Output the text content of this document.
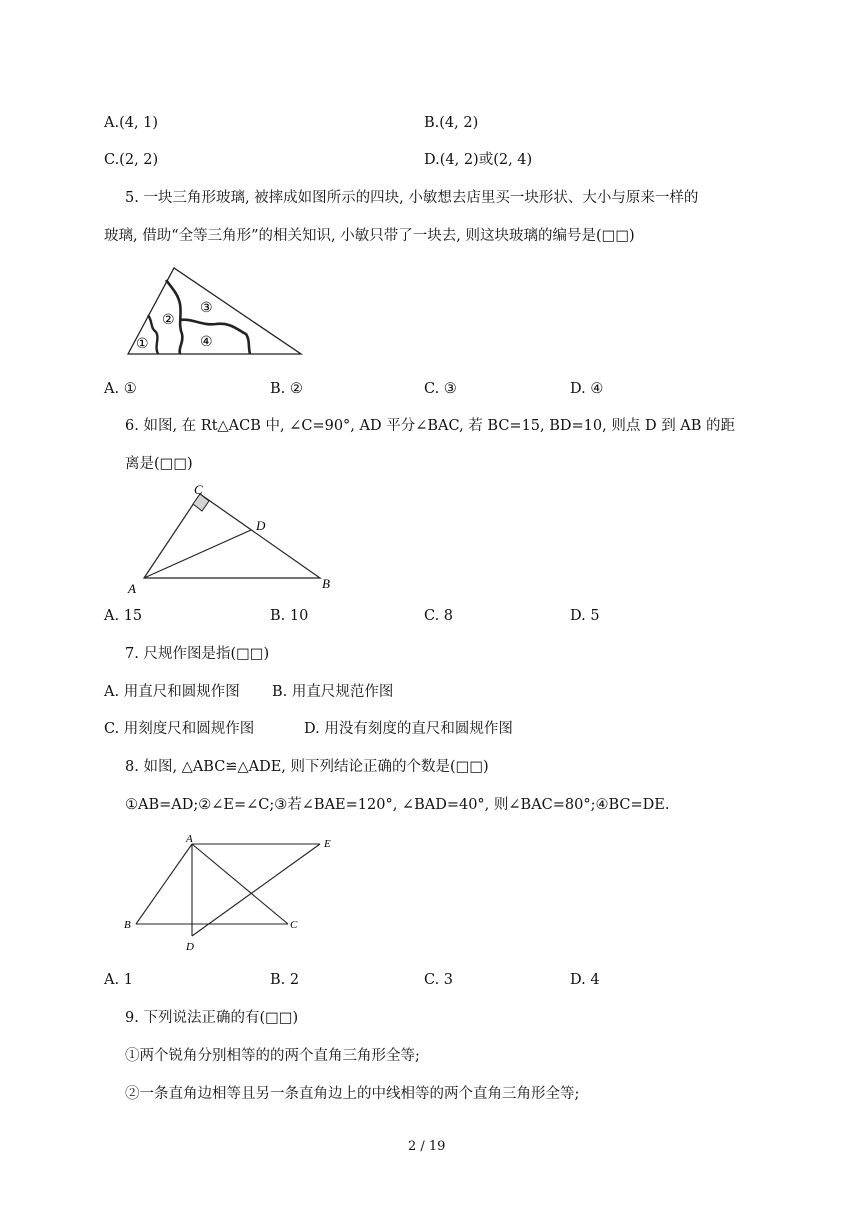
A.(4, 1)	B.(4, 2)
C.(2, 2)	D.(4, 2)或(2, 4)
5. 一块三角形玻璃, 被摔成如图所示的四块, 小敏想去店里买一块形状、大小与原来一样的
玻璃, 借助“全等三角形”的相关知识, 小敏只带了一块去, 则这块玻璃的编号是(□□)
①
②
③
④
A. ①	B. ②	C. ③	D. ④
6. 如图, 在 Rt△ACB 中, ∠C=90°, AD 平分∠BAC, 若 BC=15, BD=10, 则点 D 到 AB 的距
离是(□□)
C
D
A	B
A. 15	B. 10	C. 8	D. 5
7. 尺规作图是指(□□)
A. 用直尺和圆规作图 B. 用直尺规范作图
C. 用刻度尺和圆规作图	D. 用没有刻度的直尺和圆规作图
8. 如图, △ABC≌△ADE, 则下列结论正确的个数是(□□)
①AB=AD;②∠E=∠C;③若∠BAE=120°, ∠BAD=40°, 则∠BAC=80°;④BC=DE.
A	E
B	C
D
A. 1	B. 2	C. 3	D. 4
9. 下列说法正确的有(□□)
①两个锐角分别相等的的两个直角三角形全等;
②一条直角边相等且另一条直角边上的中线相等的两个直角三角形全等;
2 / 19
